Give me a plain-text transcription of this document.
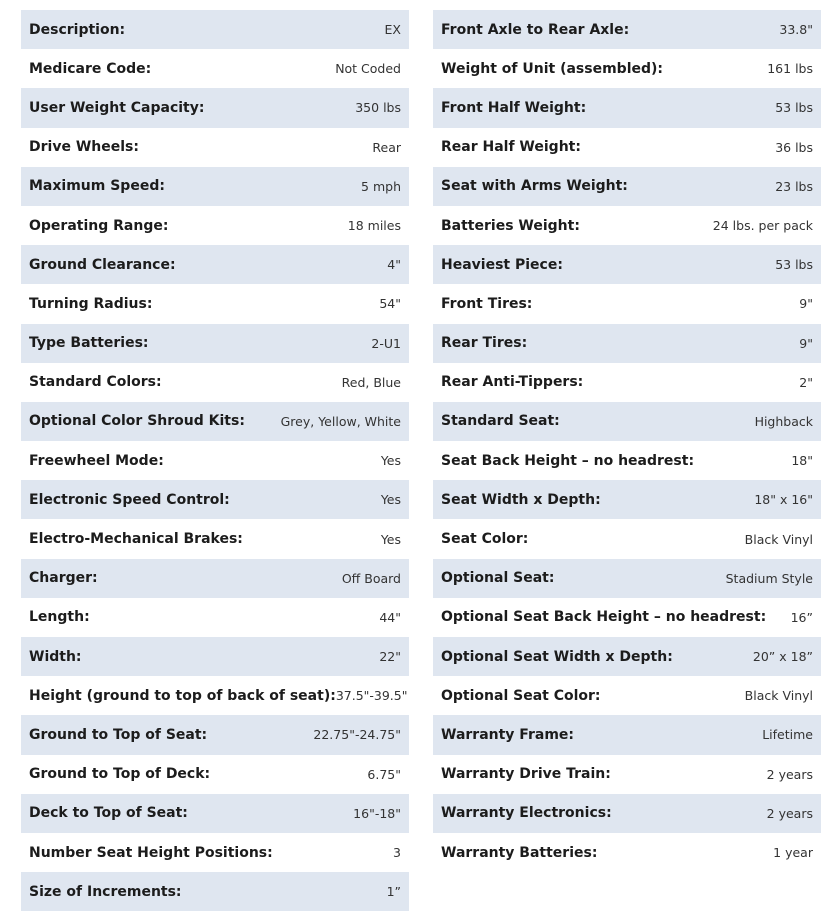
Description:	EX
Medicare Code:	Not Coded
User Weight Capacity:	350 lbs
Drive Wheels:	Rear
Maximum Speed:	5 mph
Operating Range:	18 miles
Ground Clearance:	4"
Turning Radius:	54"
Type Batteries:	2-U1
Standard Colors:	Red, Blue
Optional Color Shroud Kits:	Grey, Yellow, White
Freewheel Mode:	Yes
Electronic Speed Control:	Yes
Electro-Mechanical Brakes:	Yes
Charger:	Off Board
Length:	44"
Width:	22"
Height (ground to top of back of seat): 37.5"-39.5"
Ground to Top of Seat:	22.75"-24.75"
Ground to Top of Deck:	6.75"
Deck to Top of Seat:	16"-18"
Number Seat Height Positions:	3
Size of Increments:	1”
Front Axle to Rear Axle:	33.8"
Weight of Unit (assembled):	161 lbs
Front Half Weight:	53 lbs
Rear Half Weight:	36 lbs
Seat with Arms Weight:	23 lbs
Batteries Weight:	24 lbs. per pack
Heaviest Piece:	53 lbs
Front Tires:	9"
Rear Tires:	9"
Rear Anti-Tippers:	2"
Standard Seat:	Highback
Seat Back Height – no headrest:	18"
Seat Width x Depth:	18" x 16"
Seat Color:	Black Vinyl
Optional Seat:	Stadium Style
Optional Seat Back Height – no headrest: 16”
Optional Seat Width x Depth:	20” x 18”
Optional Seat Color:	Black Vinyl
Warranty Frame:	Lifetime
Warranty Drive Train:	2 years
Warranty Electronics:	2 years
Warranty Batteries:	1 year
